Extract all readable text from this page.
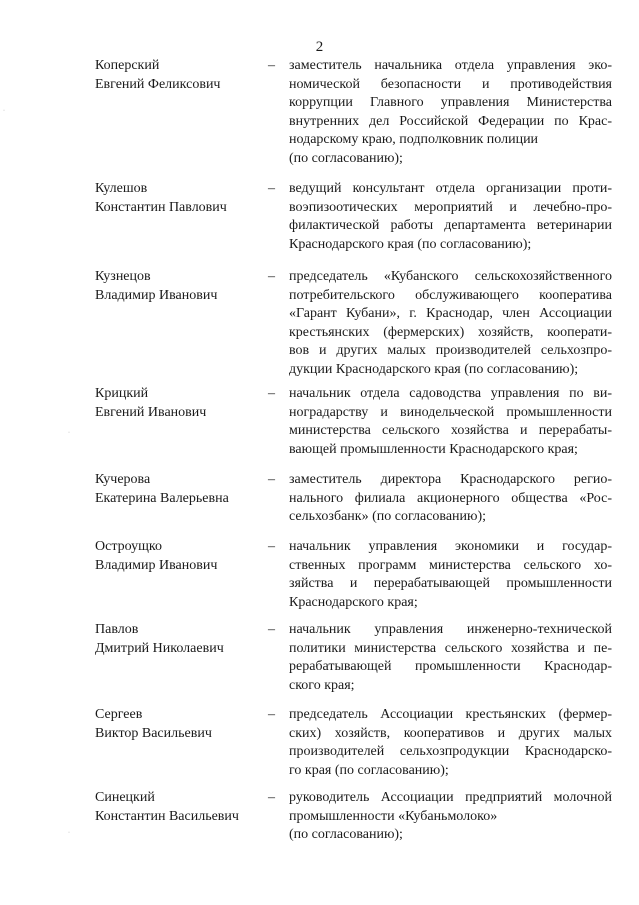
2
Коперский
Евгений Феликсович
– заместитель начальника отдела управления эко-
номической безопасности и противодействия
коррупции Главного управления Министерства
внутренних дел Российской Федерации по Крас-
нодарскому краю, подполковник полиции
(по согласованию);
Кулешов
Константин Павлович
– ведущий консультант отдела организации проти-
воэпизоотических мероприятий и лечебно-про-
филактической работы департамента ветеринарии
Краснодарского края (по согласованию);
Кузнецов
Владимир Иванович
– председатель «Кубанского сельскохозяйственного
потребительского обслуживающего кооператива
«Гарант Кубани», г. Краснодар, член Ассоциации
крестьянских (фермерских) хозяйств, кооперати-
вов и других малых производителей сельхозпро-
дукции Краснодарского края (по согласованию);
Крицкий
Евгений Иванович
– начальник отдела садоводства управления по ви-
ноградарству и винодельческой промышленности
министерства сельского хозяйства и перерабаты-
вающей промышленности Краснодарского края;
Кучерова
Екатерина Валерьевна
– заместитель директора Краснодарского регио-
нального филиала акционерного общества «Рос-
сельхозбанк» (по согласованию);
Остроущко
Владимир Иванович
– начальник управления экономики и государ-
ственных программ министерства сельского хо-
зяйства и перерабатывающей промышленности
Краснодарского края;
Павлов
Дмитрий Николаевич
– начальник управления инженерно-технической
политики министерства сельского хозяйства и пе-
рерабатывающей промышленности Краснодар-
ского края;
Сергеев
Виктор Васильевич
– председатель Ассоциации крестьянских (фермер-
ских) хозяйств, кооперативов и других малых
производителей сельхозпродукции Краснодарско-
го края (по согласованию);
Синецкий
Константин Васильевич
– руководитель Ассоциации предприятий молочной
промышленности «Кубаньмолоко»
(по согласованию);
·
·
·
